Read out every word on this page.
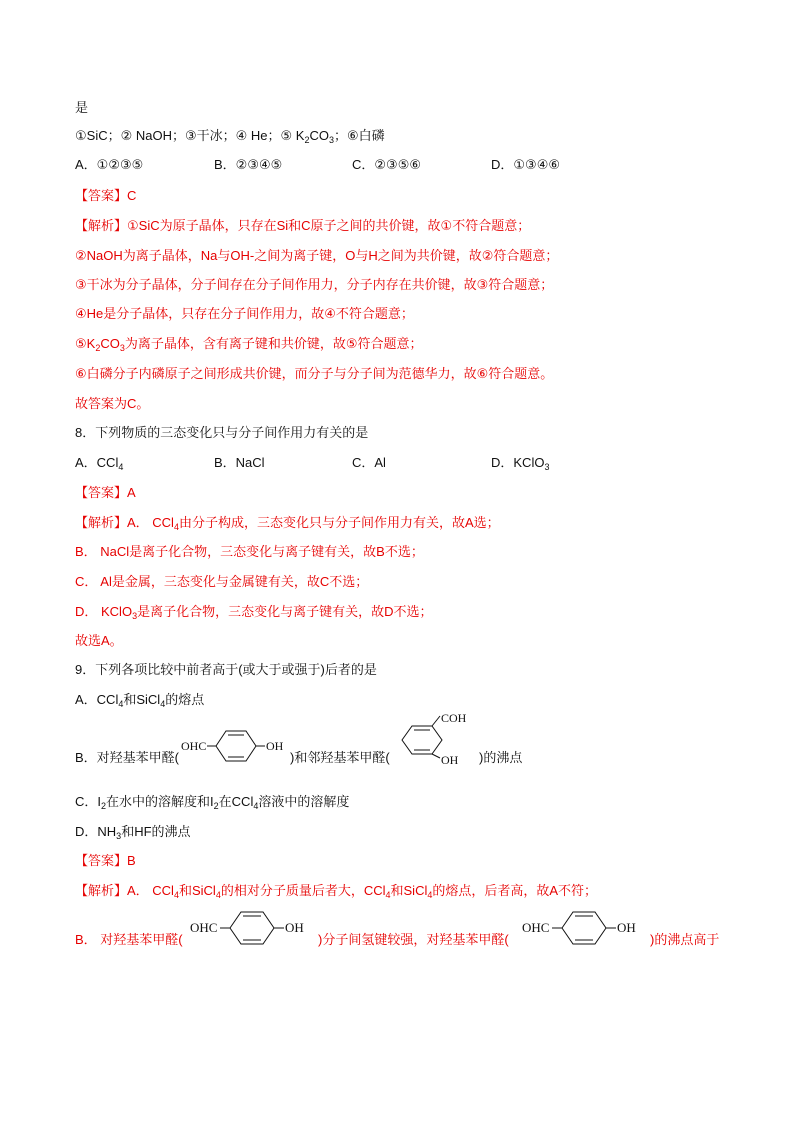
是
①SiC；② NaOH；③干冰；④ He；⑤ $K_2CO_3$；⑥白磷
A．①②③⑤	B．②③④⑤	C．②③⑤⑥	D．①③④⑥
【答案】C
【解析】①SiC为原子晶体，只存在Si和C原子之间的共价键，故①不符合题意；
②NaOH为离子晶体，Na与OH-之间为离子键，O与H之间为共价键，故②符合题意；
③干冰为分子晶体，分子间存在分子间作用力，分子内存在共价键，故③符合题意；
④He是分子晶体，只存在分子间作用力，故④不符合题意；
$⑤K_2CO_3$为离子晶体，含有离子键和共价键，故⑤符合题意；
⑥白磷分子内磷原子之间形成共价键，而分子与分子间为范德华力，故⑥符合题意。
故答案为C。
8．下列物质的三态变化只与分子间作用力有关的是
A．CCl$_4$	B．NaCl	C．Al	D．KClO$_3$
【答案】A
【解析】A． CCl$_4$由分子构成，三态变化只与分子间作用力有关，故A选；
B． NaCl是离子化合物，三态变化与离子键有关，故B不选；
C． Al是金属，三态变化与金属键有关，故C不选；
D． KClO$_3$是离子化合物，三态变化与离子键有关，故D不选；
故选A。
9．下列各项比较中前者高于(或大于或强于)后者的是
A．CCl$_4$和SiCl$_4$的熔点
B．对羟基苯甲醛(
OHC	OH
)和邻羟基苯甲醛(
COH
OH )的沸点
C．$I_2$在水中的溶解度和$I_2$在CCl$_4$溶液中的溶解度
D．$NH_3$和HF的沸点
【答案】B
【解析】A． CCl$_4$和SiCl$_4$的相对分子质量后者大，CCl$_4$和SiCl$_4$的熔点，后者高，故A不符；
B． 对羟基苯甲醛(
OHC	OH
)分子间氢键较强，对羟基苯甲醛(
OHC	OH
)的沸点高于
